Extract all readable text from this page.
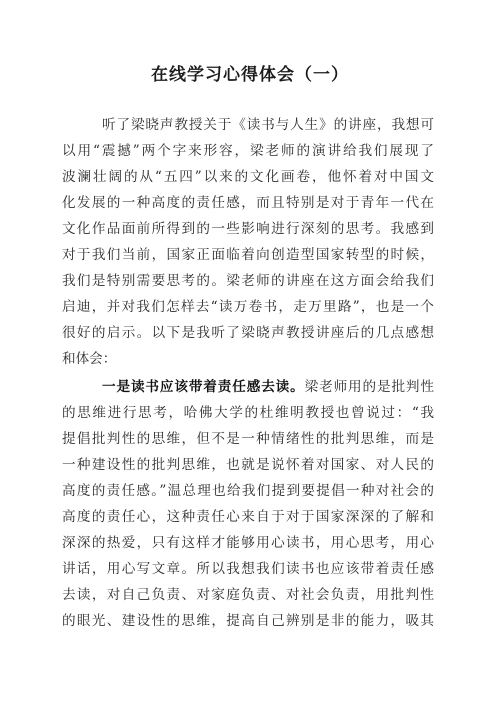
在线学习心得体会（一）
听了梁晓声教授关于《读书与人生》的讲座，我想可
以用“震撼”两个字来形容，梁老师的演讲给我们展现了
波澜壮阔的从“五四”以来的文化画卷，他怀着对中国文
化发展的一种高度的责任感，而且特别是对于青年一代在
文化作品面前所得到的一些影响进行深刻的思考。我感到
对于我们当前，国家正面临着向创造型国家转型的时候，
我们是特别需要思考的。梁老师的讲座在这方面会给我们
启迪，并对我们怎样去“读万卷书，走万里路”，也是一个
很好的启示。以下是我听了梁晓声教授讲座后的几点感想
和体会：
一是读书应该带着责任感去读。梁老师用的是批判性
的思维进行思考，哈佛大学的杜维明教授也曾说过：“我
提倡批判性的思维，但不是一种情绪性的批判思维，而是
一种建设性的批判思维，也就是说怀着对国家、对人民的
高度的责任感。”温总理也给我们提到要提倡一种对社会的
高度的责任心，这种责任心来自于对于国家深深的了解和
深深的热爱，只有这样才能够用心读书，用心思考，用心
讲话，用心写文章。所以我想我们读书也应该带着责任感
去读，对自己负责、对家庭负责、对社会负责，用批判性
的眼光、建设性的思维，提高自己辨别是非的能力，吸其
